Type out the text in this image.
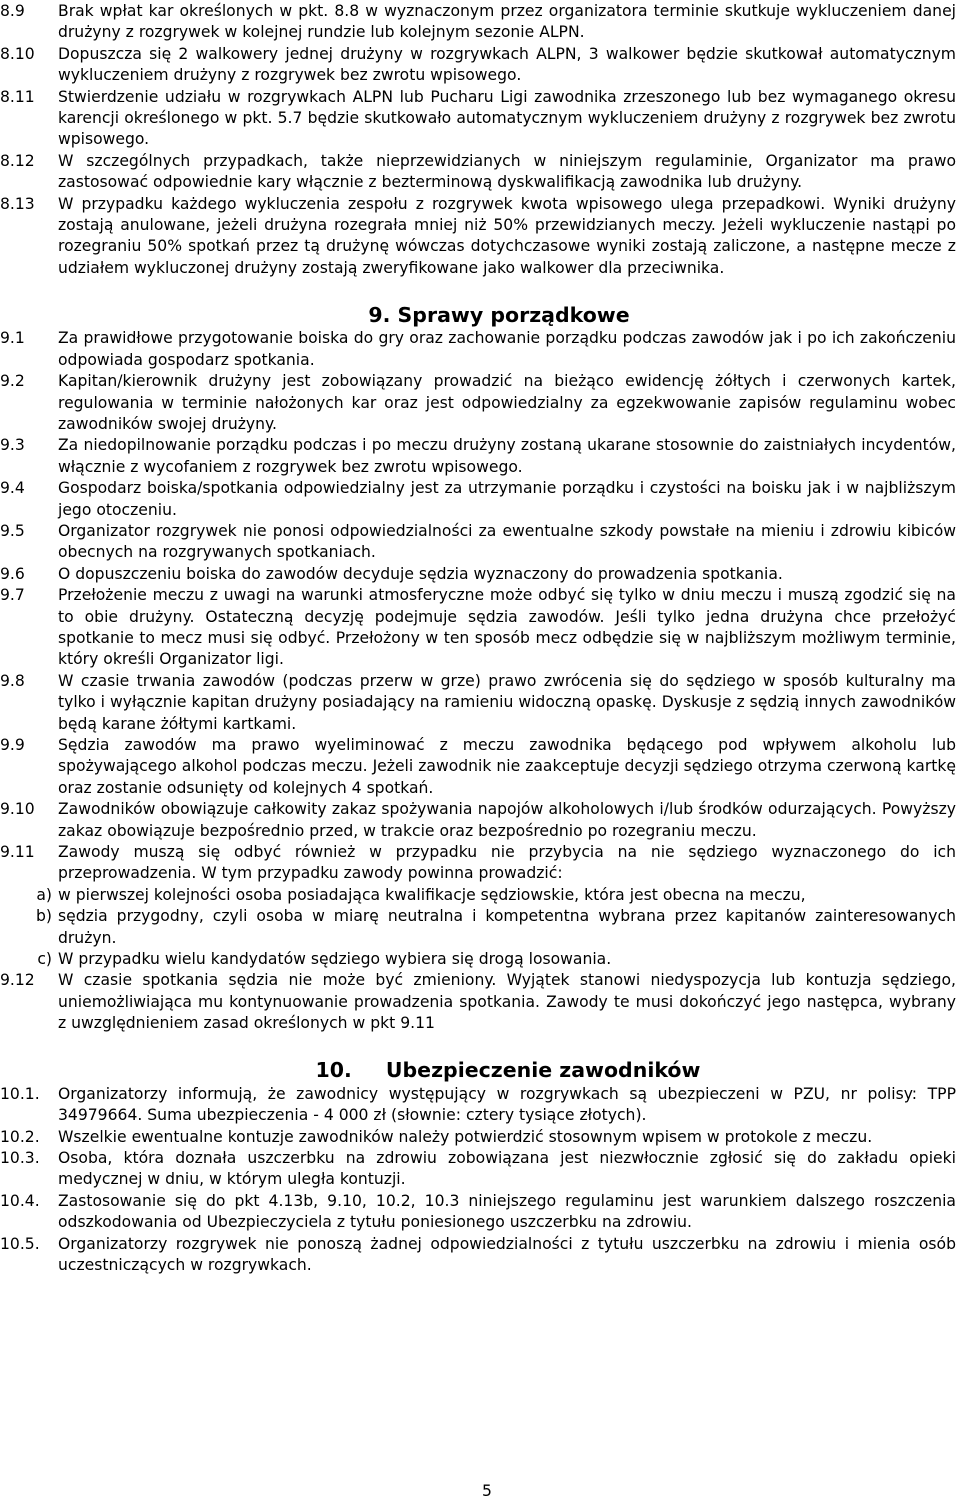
8.9	Brak wpłat kar określonych w pkt. 8.8 w wyznaczonym przez organizatora terminie skutkuje wykluczeniem danej drużyny z rozgrywek w kolejnej rundzie lub kolejnym sezonie ALPN.
8.10	Dopuszcza się 2 walkowery jednej drużyny w rozgrywkach ALPN, 3 walkower będzie skutkował automatycznym wykluczeniem drużyny z rozgrywek bez zwrotu wpisowego.
8.11	Stwierdzenie udziału w rozgrywkach ALPN lub Pucharu Ligi zawodnika zrzeszonego lub bez wymaganego okresu karencji określonego w pkt. 5.7 będzie skutkowało automatycznym wykluczeniem drużyny z rozgrywek bez zwrotu wpisowego.
8.12	W szczególnych przypadkach, także nieprzewidzianych w niniejszym regulaminie, Organizator ma prawo zastosować odpowiednie kary włącznie z bezterminową dyskwalifikacją zawodnika lub drużyny.
8.13	W przypadku każdego wykluczenia zespołu z rozgrywek kwota wpisowego ulega przepadkowi. Wyniki drużyny zostają anulowane, jeżeli drużyna rozegrała mniej niż 50% przewidzianych meczy. Jeżeli wykluczenie nastąpi po rozegraniu 50% spotkań przez tą drużynę wówczas dotychczasowe wyniki zostają zaliczone, a następne mecze z udziałem wykluczonej drużyny zostają zweryfikowane jako walkower dla przeciwnika.
9. Sprawy porządkowe
9.1	Za prawidłowe przygotowanie boiska do gry oraz zachowanie porządku podczas zawodów jak i po ich zakończeniu odpowiada gospodarz spotkania.
9.2	Kapitan/kierownik drużyny jest zobowiązany prowadzić na bieżąco ewidencję żółtych i czerwonych kartek, regulowania w terminie nałożonych kar oraz jest odpowiedzialny za egzekwowanie zapisów regulaminu wobec zawodników swojej drużyny.
9.3	Za niedopilnowanie porządku podczas i po meczu drużyny zostaną ukarane stosownie do zaistniałych incydentów, włącznie z wycofaniem z rozgrywek bez zwrotu wpisowego.
9.4	Gospodarz boiska/spotkania odpowiedzialny jest za utrzymanie porządku i czystości na boisku jak i w najbliższym jego otoczeniu.
9.5	Organizator rozgrywek nie ponosi odpowiedzialności za ewentualne szkody powstałe na mieniu i zdrowiu kibiców obecnych na rozgrywanych spotkaniach.
9.6	O dopuszczeniu boiska do zawodów decyduje sędzia wyznaczony do prowadzenia spotkania.
9.7	Przełożenie meczu z uwagi na warunki atmosferyczne może odbyć się tylko w dniu meczu i muszą zgodzić się na to obie drużyny. Ostateczną decyzję podejmuje sędzia zawodów. Jeśli tylko jedna drużyna chce przełożyć spotkanie to mecz musi się odbyć. Przełożony w ten sposób mecz odbędzie się w najbliższym możliwym terminie, który określi Organizator ligi.
9.8	W czasie trwania zawodów (podczas przerw w grze) prawo zwrócenia się do sędziego w sposób kulturalny ma tylko i wyłącznie kapitan drużyny posiadający na ramieniu widoczną opaskę. Dyskusje z sędzią innych zawodników będą karane żółtymi kartkami.
9.9	Sędzia zawodów ma prawo wyeliminować z meczu zawodnika będącego pod wpływem alkoholu lub spożywającego alkohol podczas meczu. Jeżeli zawodnik nie zaakceptuje decyzji sędziego otrzyma czerwoną kartkę oraz zostanie odsunięty od kolejnych 4 spotkań.
9.10	Zawodników obowiązuje całkowity zakaz spożywania napojów alkoholowych i/lub środków odurzających. Powyższy zakaz obowiązuje bezpośrednio przed, w trakcie oraz bezpośrednio po rozegraniu meczu.
9.11	Zawody muszą się odbyć również w przypadku nie przybycia na nie sędziego wyznaczonego do ich przeprowadzenia. W tym przypadku zawody powinna prowadzić:
a) w pierwszej kolejności osoba posiadająca kwalifikacje sędziowskie, która jest obecna na meczu,
b) sędzia przygodny, czyli osoba w miarę neutralna i kompetentna wybrana przez kapitanów zainteresowanych drużyn.
c) W przypadku wielu kandydatów sędziego wybiera się drogą losowania.
9.12	W czasie spotkania sędzia nie może być zmieniony. Wyjątek stanowi niedyspozycja lub kontuzja sędziego, uniemożliwiająca mu kontynuowanie prowadzenia spotkania. Zawody te musi dokończyć jego następca, wybrany z uwzględnieniem zasad określonych w pkt 9.11
10. Ubezpieczenie zawodników
10.1.	Organizatorzy informują, że zawodnicy występujący w rozgrywkach są ubezpieczeni w PZU, nr polisy: TPP 34979664. Suma ubezpieczenia - 4 000 zł (słownie: cztery tysiące złotych).
10.2.	Wszelkie ewentualne kontuzje zawodników należy potwierdzić stosownym wpisem w protokole z meczu.
10.3.	Osoba, która doznała uszczerbku na zdrowiu zobowiązana jest niezwłocznie zgłosić się do zakładu opieki medycznej w dniu, w którym uległa kontuzji.
10.4.	Zastosowanie się do pkt 4.13b, 9.10, 10.2, 10.3 niniejszego regulaminu jest warunkiem dalszego roszczenia odszkodowania od Ubezpieczyciela z tytułu poniesionego uszczerbku na zdrowiu.
10.5.	Organizatorzy rozgrywek nie ponoszą żadnej odpowiedzialności z tytułu uszczerbku na zdrowiu i mienia osób uczestniczących w rozgrywkach.
5
